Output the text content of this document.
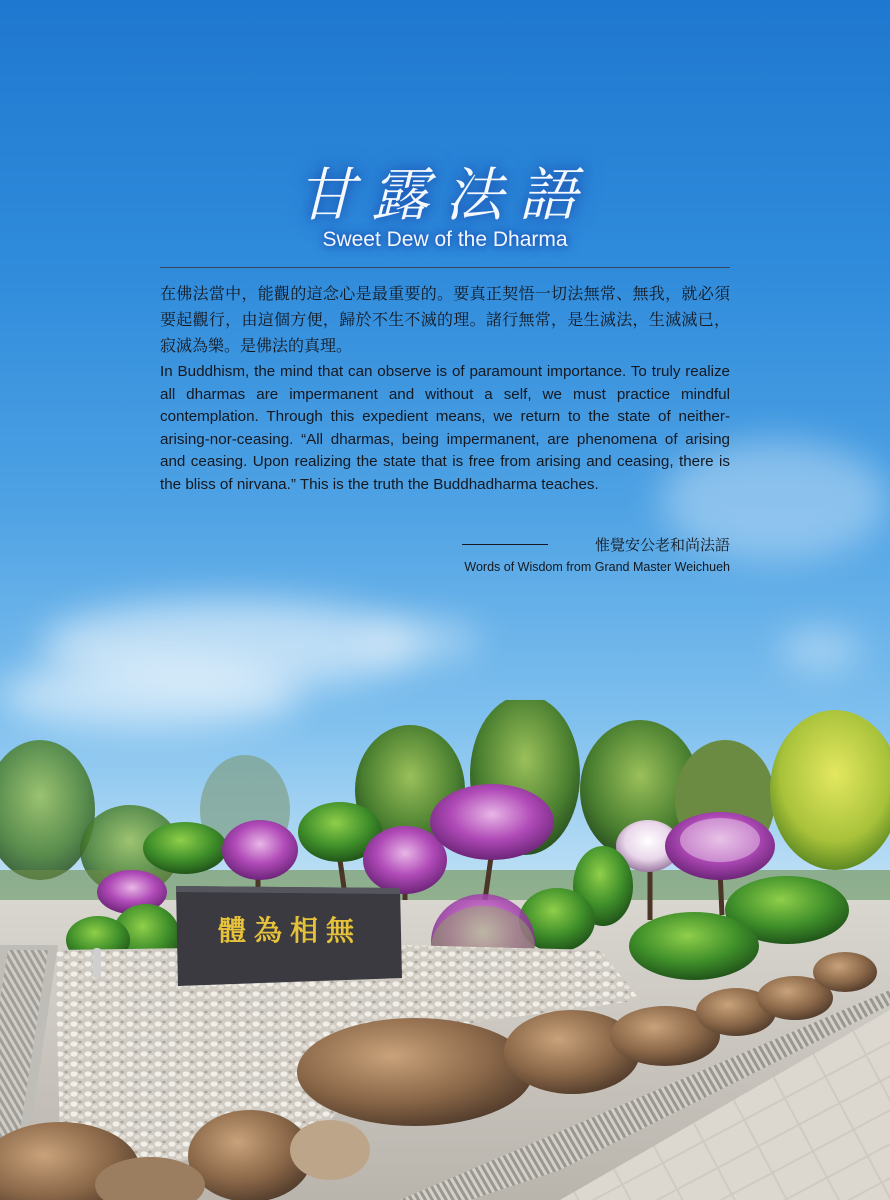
體為相無
甘露法語
Sweet Dew of the Dharma
在佛法當中，能觀的這念心是最重要的。要真正契悟一切法無常、無我，就必須要起觀行，由這個方便，歸於不生不滅的理。諸行無常，是生滅法，生滅滅已，寂滅為樂。是佛法的真理。
In Buddhism, the mind that can observe is of paramount importance. To truly realize all dharmas are impermanent and without a self, we must practice mindful contemplation. Through this expedient means, we return to the state of neither-arising-nor-ceasing. “All dharmas, being impermanent, are phenomena of arising and ceasing. Upon realizing the state that is free from arising and ceasing, there is the bliss of nirvana.” This is the truth the Buddhadharma teaches.
惟覺安公老和尚法語
Words of Wisdom from Grand Master Weichueh
